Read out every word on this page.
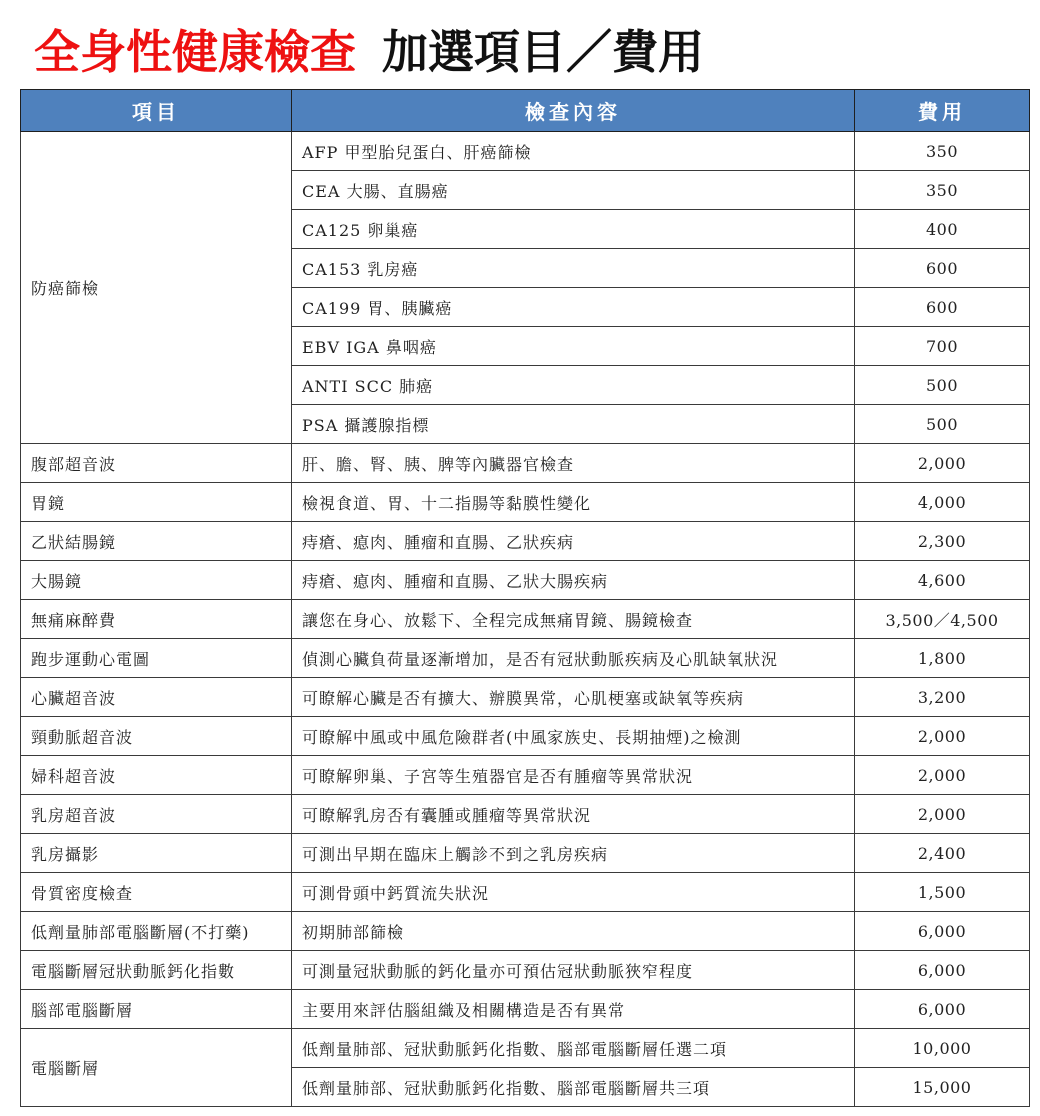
全身性健康檢查 加選項目／費用
項目	檢查內容	費用
防癌篩檢	AFP 甲型胎兒蛋白、肝癌篩檢	350
	CEA 大腸、直腸癌	350
	CA125 卵巢癌	400
	CA153 乳房癌	600
	CA199 胃、胰臟癌	600
	EBV IGA 鼻咽癌	700
	ANTI SCC 肺癌	500
	PSA 攝護腺指標	500
腹部超音波	肝、膽、腎、胰、脾等內臟器官檢查	2,000
胃鏡	檢視食道、胃、十二指腸等黏膜性變化	4,000
乙狀結腸鏡	痔瘡、瘜肉、腫瘤和直腸、乙狀疾病	2,300
大腸鏡	痔瘡、瘜肉、腫瘤和直腸、乙狀大腸疾病	4,600
無痛麻醉費	讓您在身心、放鬆下、全程完成無痛胃鏡、腸鏡檢查	3,500／4,500
跑步運動心電圖	偵測心臟負荷量逐漸增加，是否有冠狀動脈疾病及心肌缺氧狀況	1,800
心臟超音波	可瞭解心臟是否有擴大、辦膜異常，心肌梗塞或缺氧等疾病	3,200
頸動脈超音波	可瞭解中風或中風危險群者(中風家族史、長期抽煙)之檢測	2,000
婦科超音波	可瞭解卵巢、子宮等生殖器官是否有腫瘤等異常狀況	2,000
乳房超音波	可瞭解乳房否有囊腫或腫瘤等異常狀況	2,000
乳房攝影	可測出早期在臨床上觸診不到之乳房疾病	2,400
骨質密度檢查	可測骨頭中鈣質流失狀況	1,500
低劑量肺部電腦斷層(不打藥)	初期肺部篩檢	6,000
電腦斷層冠狀動脈鈣化指數	可測量冠狀動脈的鈣化量亦可預估冠狀動脈狹窄程度	6,000
腦部電腦斷層	主要用來評估腦組織及相關構造是否有異常	6,000
電腦斷層	低劑量肺部、冠狀動脈鈣化指數、腦部電腦斷層任選二項	10,000
	低劑量肺部、冠狀動脈鈣化指數、腦部電腦斷層共三項	15,000
